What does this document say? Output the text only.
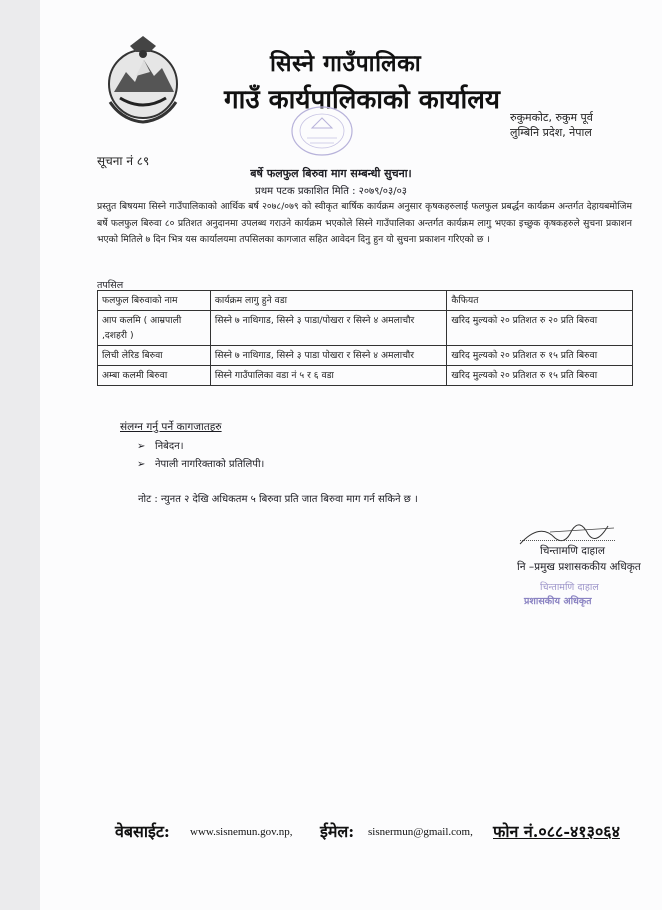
सिस्ने गाउँपालिका
गाउँ कार्यपालिकाको कार्यालय
रुकुमकोट, रुकुम पूर्व
लुम्बिनि प्रदेश, नेपाल
सूचना नं ८९
बर्षे फलफुल बिरुवा माग सम्बन्धी सुचना।
प्रथम पटक प्रकाशित मिति : २०७९/०३/०३
प्रस्तुत बिषयमा सिस्ने गाउँपालिकाको आर्थिक बर्ष २०७८/०७९ को स्वीकृत बार्षिक कार्यक्रम अनुसार कृषकहरुलाई फलफुल प्रबर्द्धन कार्यक्रम अन्तर्गत देहायबमोजिम बर्षे फलफुल बिरुवा ८० प्रतिशत अनुदानमा उपलब्ध गराउने कार्यक्रम भएकोले सिस्ने गाउँपालिका अन्तर्गत कार्यक्रम लागु भएका इच्छुक कृषकहरुले सुचना प्रकाशन भएको मितिले ७ दिन भित्र यस कार्यालयमा तपसिलका कागजात सहित आवेदन दिनु हुन यो सुचना प्रकाशन गरिएको छ ।
तपसिल
फलफुल बिरुवाको नाम	कार्यक्रम लागु हुने वडा	कैफियत
आप कलमि ( आम्रपाली ,दशहरी )	सिस्ने ७ नाथिगाड, सिस्ने ३ पाडा/पोखरा र सिस्ने ४ अमलाचौर	खरिद मुल्यको २० प्रतिशत रु २० प्रति बिरुवा
लिची लेरिड बिरुवा	सिस्ने ७ नाथिगाड, सिस्ने ३ पाडा पोखरा र सिस्ने ४ अमलाचौर	खरिद मुल्यको २० प्रतिशत रु १५ प्रति बिरुवा
अम्बा कलमी बिरुवा	सिस्ने गाउँपालिका वडा नं ५ र ६ वडा	खरिद मुल्यको २० प्रतिशत रु १५ प्रति बिरुवा
संलग्न गर्नु पर्ने कागजातहरु
➢ निबेदन।
➢ नेपाली नागरिक्ताको प्रतिलिपी।
नोट : न्युनत २ देखि अधिकतम ५ बिरुवा प्रति जात बिरुवा माग गर्न सकिने छ ।
चिन्तामणि दाहाल
नि –प्रमुख प्रशासककीय अधिकृत
चिन्तामणि दाहाल
प्रशासकीय अधिकृत
वेबसाईट: www.sisnemun.gov.np, ईमेल: sisnermun@gmail.com, फोन नं.०८८-४१३०६४
